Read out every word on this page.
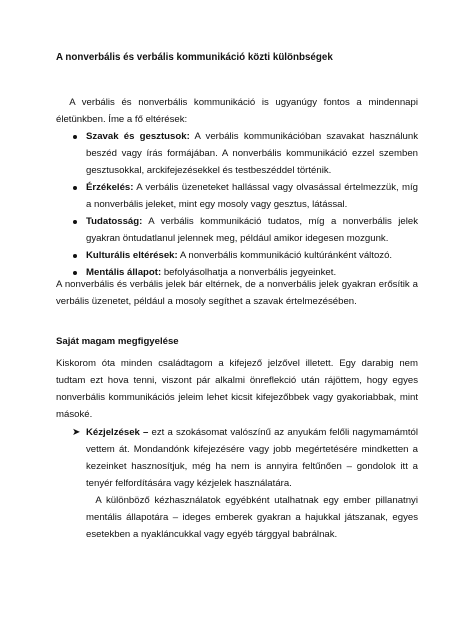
A nonverbális és verbális kommunikáció közti különbségek
A verbális és nonverbális kommunikáció is ugyanúgy fontos a mindennapi életünkben. Íme a fő eltérések:
Szavak és gesztusok: A verbális kommunikációban szavakat használunk beszéd vagy írás formájában. A nonverbális kommunikáció ezzel szemben gesztusokkal, arckifejezésekkel és testbeszéddel történik.
Érzékelés: A verbális üzeneteket hallással vagy olvasással értelmezzük, míg a nonverbális jeleket, mint egy mosoly vagy gesztus, látással.
Tudatosság: A verbális kommunikáció tudatos, míg a nonverbális jelek gyakran öntudatlanul jelennek meg, például amikor idegesen mozgunk.
Kulturális eltérések: A nonverbális kommunikáció kultúránként változó.
Mentális állapot: befolyásolhatja a nonverbális jegyeinket.
A nonverbális és verbális jelek bár eltérnek, de a nonverbális jelek gyakran erősítik a verbális üzenetet, például a mosoly segíthet a szavak értelmezésében.
Saját magam megfigyelése
Kiskorom óta minden családtagom a kifejező jelzővel illetett. Egy darabig nem tudtam ezt hova tenni, viszont pár alkalmi önreflekció után rájöttem, hogy egyes nonverbális kommunikációs jeleim lehet kicsit kifejezőbbek vagy gyakoriabbak, mint másoké.
➤ Kézjelzések – ezt a szokásomat valószínű az anyukám felőli nagymamámtól vettem át. Mondandónk kifejezésére vagy jobb megértetésére mindketten a kezeinket hasznosítjuk, még ha nem is annyira feltűnően – gondolok itt a tenyér felfordítására vagy kézjelek használatára.
A különböző kézhasználatok egyébként utalhatnak egy ember pillanatnyi mentális állapotára – ideges emberek gyakran a hajukkal játszanak, egyes esetekben a nyakláncukkal vagy egyéb tárggyal babrálnak.
